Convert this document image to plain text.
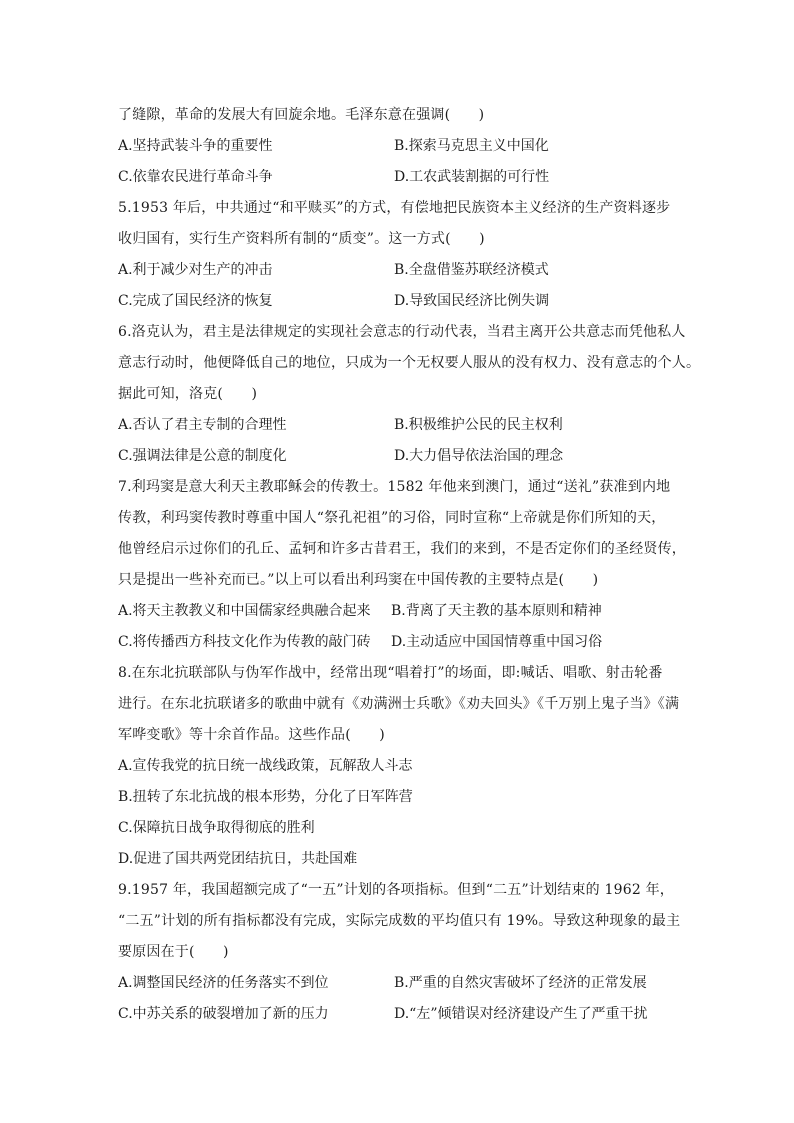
了缝隙，革命的发展大有回旋余地。毛泽东意在强调(　　)
A.坚持武装斗争的重要性	B.探索马克思主义中国化
C.依靠农民进行革命斗争	D.工农武装割据的可行性
5.1953 年后，中共通过“和平赎买”的方式，有偿地把民族资本主义经济的生产资料逐步
收归国有，实行生产资料所有制的“质变”。这一方式(　　)
A.利于减少对生产的冲击	B.全盘借鉴苏联经济模式
C.完成了国民经济的恢复	D.导致国民经济比例失调
6.洛克认为，君主是法律规定的实现社会意志的行动代表，当君主离开公共意志而凭他私人
意志行动时，他便降低自己的地位，只成为一个无权要人服从的没有权力、没有意志的个人。
据此可知，洛克(　　)
A.否认了君主专制的合理性	B.积极维护公民的民主权利
C.强调法律是公意的制度化	D.大力倡导依法治国的理念
7.利玛窦是意大利天主教耶稣会的传教士。1582 年他来到澳门，通过“送礼”获准到内地
传教，利玛窦传教时尊重中国人“祭孔祀祖”的习俗，同时宣称“上帝就是你们所知的天，
他曾经启示过你们的孔丘、孟轲和许多古昔君王，我们的来到，不是否定你们的圣经贤传，
只是提出一些补充而已。”以上可以看出利玛窦在中国传教的主要特点是(　　)
A.将天主教教义和中国儒家经典融合起来	B.背离了天主教的基本原则和精神
C.将传播西方科技文化作为传教的敲门砖	D.主动适应中国国情尊重中国习俗
8.在东北抗联部队与伪军作战中，经常出现“唱着打”的场面，即:喊话、唱歌、射击轮番
进行。在东北抗联诸多的歌曲中就有《劝满洲士兵歌》《劝夫回头》《千万别上鬼子当》《满
军哗变歌》等十余首作品。这些作品(　　)
A.宣传我党的抗日统一战线政策，瓦解敌人斗志
B.扭转了东北抗战的根本形势，分化了日军阵营
C.保障抗日战争取得彻底的胜利
D.促进了国共两党团结抗日，共赴国难
9.1957 年，我国超额完成了“一五”计划的各项指标。但到“二五”计划结束的 1962 年，
“二五”计划的所有指标都没有完成，实际完成数的平均值只有 19%。导致这种现象的最主
要原因在于(　　)
A.调整国民经济的任务落实不到位	B.严重的自然灾害破坏了经济的正常发展
C.中苏关系的破裂增加了新的压力	D.“左”倾错误对经济建设产生了严重干扰
